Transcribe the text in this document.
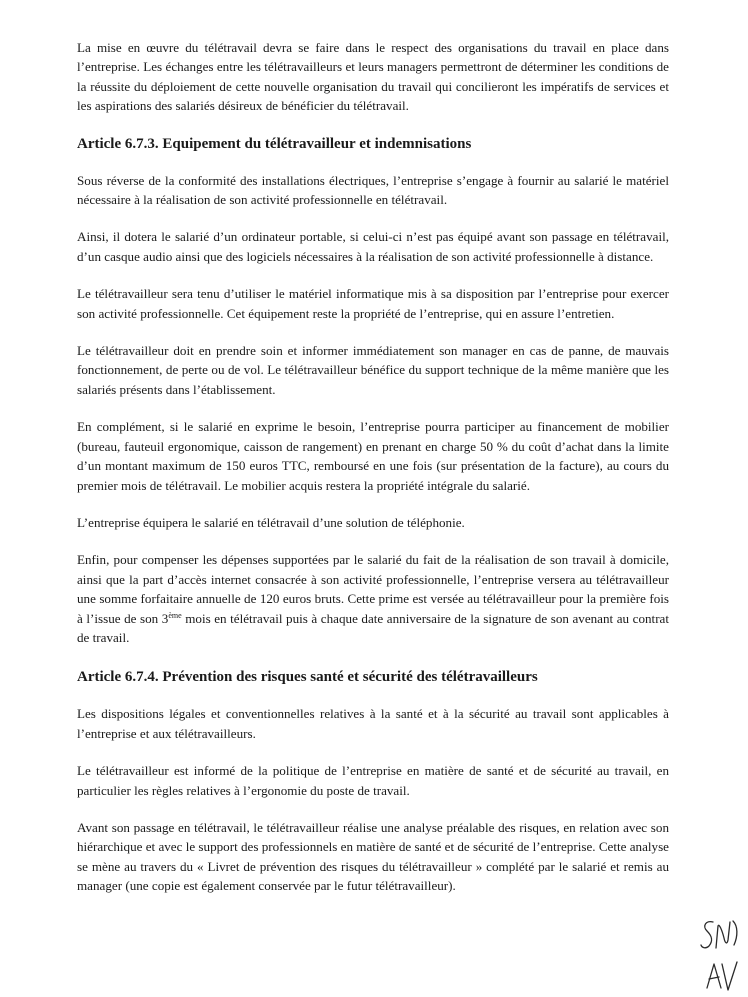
La mise en œuvre du télétravail devra se faire dans le respect des organisations du travail en place dans l’entreprise. Les échanges entre les télétravailleurs et leurs managers permettront de déterminer les conditions de la réussite du déploiement de cette nouvelle organisation du travail qui concilieront les impératifs de services et les aspirations des salariés désireux de bénéficier du télétravail.

Article 6.7.3. Equipement du télétravailleur et indemnisations

Sous réverse de la conformité des installations électriques, l’entreprise s’engage à fournir au salarié le matériel nécessaire à la réalisation de son activité professionnelle en télétravail.

Ainsi, il dotera le salarié d’un ordinateur portable, si celui-ci n’est pas équipé avant son passage en télétravail, d’un casque audio ainsi que des logiciels nécessaires à la réalisation de son activité professionnelle à distance.

Le télétravailleur sera tenu d’utiliser le matériel informatique mis à sa disposition par l’entreprise pour exercer son activité professionnelle. Cet équipement reste la propriété de l’entreprise, qui en assure l’entretien.

Le télétravailleur doit en prendre soin et informer immédiatement son manager en cas de panne, de mauvais fonctionnement, de perte ou de vol. Le télétravailleur bénéfice du support technique de la même manière que les salariés présents dans l’établissement.

En complément, si le salarié en exprime le besoin, l’entreprise pourra participer au financement de mobilier (bureau, fauteuil ergonomique, caisson de rangement) en prenant en charge 50 % du coût d’achat dans la limite d’un montant maximum de 150 euros TTC, remboursé en une fois (sur présentation de la facture), au cours du premier mois de télétravail. Le mobilier acquis restera la propriété intégrale du salarié.

L’entreprise équipera le salarié en télétravail d’une solution de téléphonie.

Enfin, pour compenser les dépenses supportées par le salarié du fait de la réalisation de son travail à domicile, ainsi que la part d’accès internet consacrée à son activité professionnelle, l’entreprise versera au télétravailleur une somme forfaitaire annuelle de 120 euros bruts. Cette prime est versée au télétravailleur pour la première fois à l’issue de son 3ème mois en télétravail puis à chaque date anniversaire de la signature de son avenant au contrat de travail.

Article 6.7.4. Prévention des risques santé et sécurité des télétravailleurs

Les dispositions légales et conventionnelles relatives à la santé et à la sécurité au travail sont applicables à l’entreprise et aux télétravailleurs.

Le télétravailleur est informé de la politique de l’entreprise en matière de santé et de sécurité au travail, en particulier les règles relatives à l’ergonomie du poste de travail.

Avant son passage en télétravail, le télétravailleur réalise une analyse préalable des risques, en relation avec son hiérarchique et avec le support des professionnels en matière de santé et de sécurité de l’entreprise. Cette analyse se mène au travers du « Livret de prévention des risques du télétravailleur » complété par le salarié et remis au manager (une copie est également conservée par le futur télétravailleur).
